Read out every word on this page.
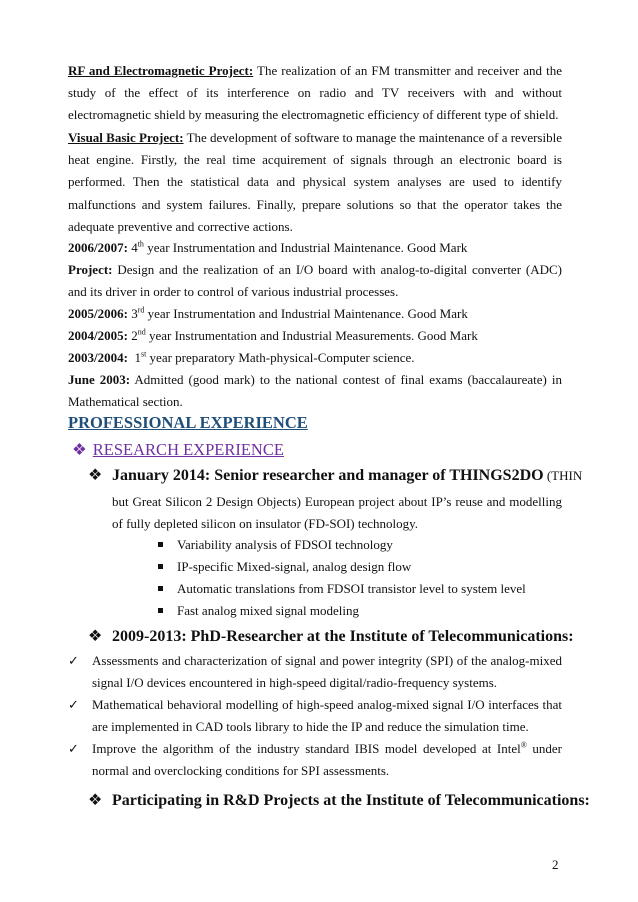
RF and Electromagnetic Project: The realization of an FM transmitter and receiver and the study of the effect of its interference on radio and TV receivers with and without electromagnetic shield by measuring the electromagnetic efficiency of different type of shield.

Visual Basic Project: The development of software to manage the maintenance of a reversible heat engine. Firstly, the real time acquirement of signals through an electronic board is performed. Then the statistical data and physical system analyses are used to identify malfunctions and system failures. Finally, prepare solutions so that the operator takes the adequate preventive and corrective actions.

2006/2007: 4th year Instrumentation and Industrial Maintenance. Good Mark

Project: Design and the realization of an I/O board with analog-to-digital converter (ADC) and its driver in order to control of various industrial processes.

2005/2006: 3rd year Instrumentation and Industrial Maintenance. Good Mark

2004/2005: 2nd year Instrumentation and Industrial Measurements. Good Mark

2003/2004:  1st year preparatory Math-physical-Computer science.

June 2003: Admitted (good mark) to the national contest of final exams (baccalaureate) in Mathematical section.

PROFESSIONAL EXPERIENCE
❖ RESEARCH EXPERIENCE
❖ January 2014: Senior researcher and manager of THINGS2DO (THIN

but Great Silicon 2 Design Objects) European project about IP’s reuse and modelling of fully depleted silicon on insulator (FD-SOI) technology.

Variability analysis of FDSOI technology
IP-specific Mixed-signal, analog design flow
Automatic translations from FDSOI transistor level to system level
Fast analog mixed signal modeling
❖ 2009-2013: PhD-Researcher at the Institute of Telecommunications:
✓ Assessments and characterization of signal and power integrity (SPI) of the analog-mixed signal I/O devices encountered in high-speed digital/radio-frequency systems.
✓ Mathematical behavioral modelling of high-speed analog-mixed signal I/O interfaces that are implemented in CAD tools library to hide the IP and reduce the simulation time.
✓ Improve the algorithm of the industry standard IBIS model developed at Intel® under normal and overclocking conditions for SPI assessments.
❖ Participating in R&D Projects at the Institute of Telecommunications:
2
